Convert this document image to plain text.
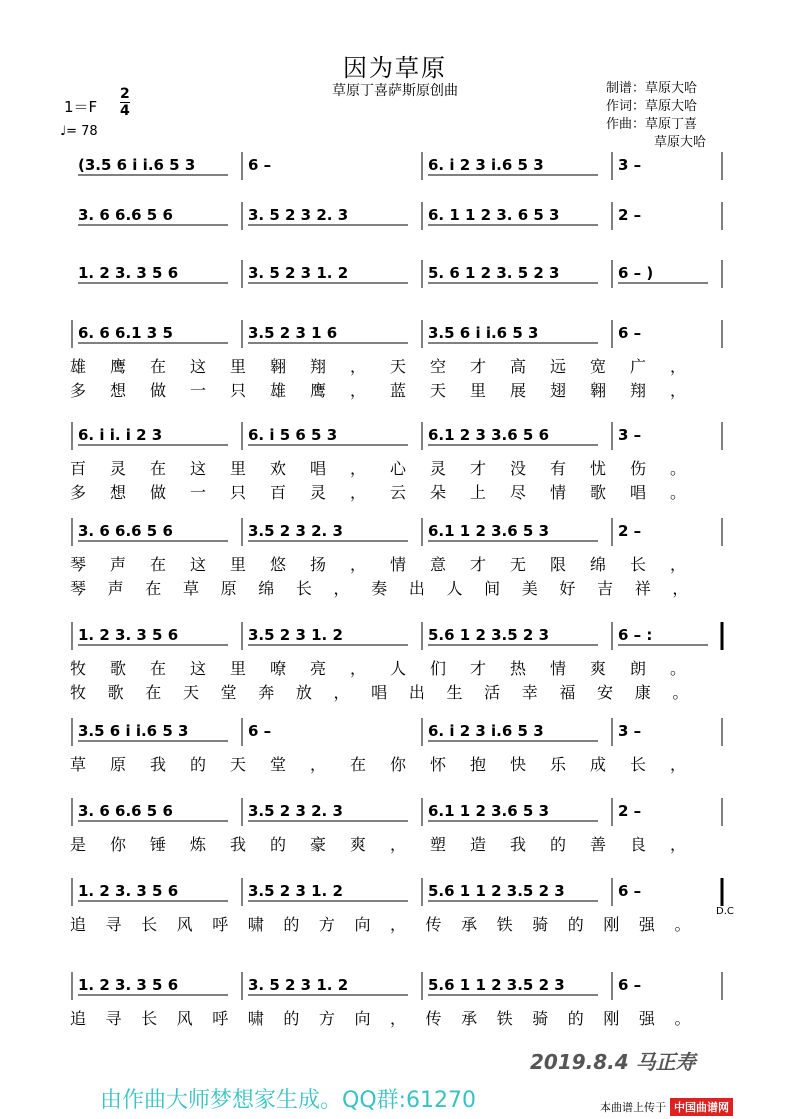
因为草原
草原丁喜萨斯原创曲
1＝F
2
4
♩= 78
制谱：草原大哈
作词：草原大哈
作曲：草原丁喜
草原大哈
(3.5 6 i i.6 5 3	6 –	6. i 2 3 i.6 5 3	3 –
3. 6 6.6 5 6	3. 5 2 3 2. 3	6. 1 1 2 3. 6 5 3	2 –
1. 2 3. 3 5 6	3. 5 2 3 1. 2	5. 6 1 2 3. 5 2 3	6 – )
6. 6 6.1 3 5	3.5 2 3 1 6	3.5 6 i i.6 5 3	6 –
雄 鹰 在 这 里 翱 翔 ， 天 空 才 高 远 宽 广 ，
多 想 做 一 只 雄 鹰 ， 蓝 天 里 展 翅 翱 翔 ，
6. i i. i 2 3	6. i 5 6 5 3	6.1 2 3 3.6 5 6	3 –
百 灵 在 这 里 欢 唱 ， 心 灵 才 没 有 忧 伤 。
多 想 做 一 只 百 灵 ， 云 朵 上 尽 情 歌 唱 。
3. 6 6.6 5 6	3.5 2 3 2. 3	6.1 1 2 3.6 5 3	2 –
琴 声 在 这 里 悠 扬 ， 情 意 才 无 限 绵 长 ，
琴 声 在 草 原 绵 长 ， 奏 出 人 间 美 好 吉 祥 ，
1. 2 3. 3 5 6	3.5 2 3 1. 2	5.6 1 2 3.5 2 3	6 – :
牧 歌 在 这 里 嘹 亮 ， 人 们 才 热 情 爽 朗 。
牧 歌 在 天 堂 奔 放 ， 唱 出 生 活 幸 福 安 康 。
3.5 6 i i.6 5 3	6 –	6. i 2 3 i.6 5 3	3 –
草 原 我 的 天 堂 ， 在 你 怀 抱 快 乐 成 长 ，
3. 6 6.6 5 6	3.5 2 3 2. 3	6.1 1 2 3.6 5 3	2 –
是 你 锤 炼 我 的 豪 爽 ， 塑 造 我 的 善 良 ，
1. 2 3. 3 5 6	3.5 2 3 1. 2	5.6 1 1 2 3.5 2 3	6 –
追 寻 长 风 呼 啸 的 方 向 ， 传 承 铁 骑 的 刚 强 。
1. 2 3. 3 5 6	3. 5 2 3 1. 2	5.6 1 1 2 3.5 2 3	6 –
追 寻 长 风 呼 啸 的 方 向 ， 传 承 铁 骑 的 刚 强 。
D.C
2019.8.4 马正寿
由作曲大师梦想家生成。QQ群:61270	本曲谱上传于 中国曲谱网
